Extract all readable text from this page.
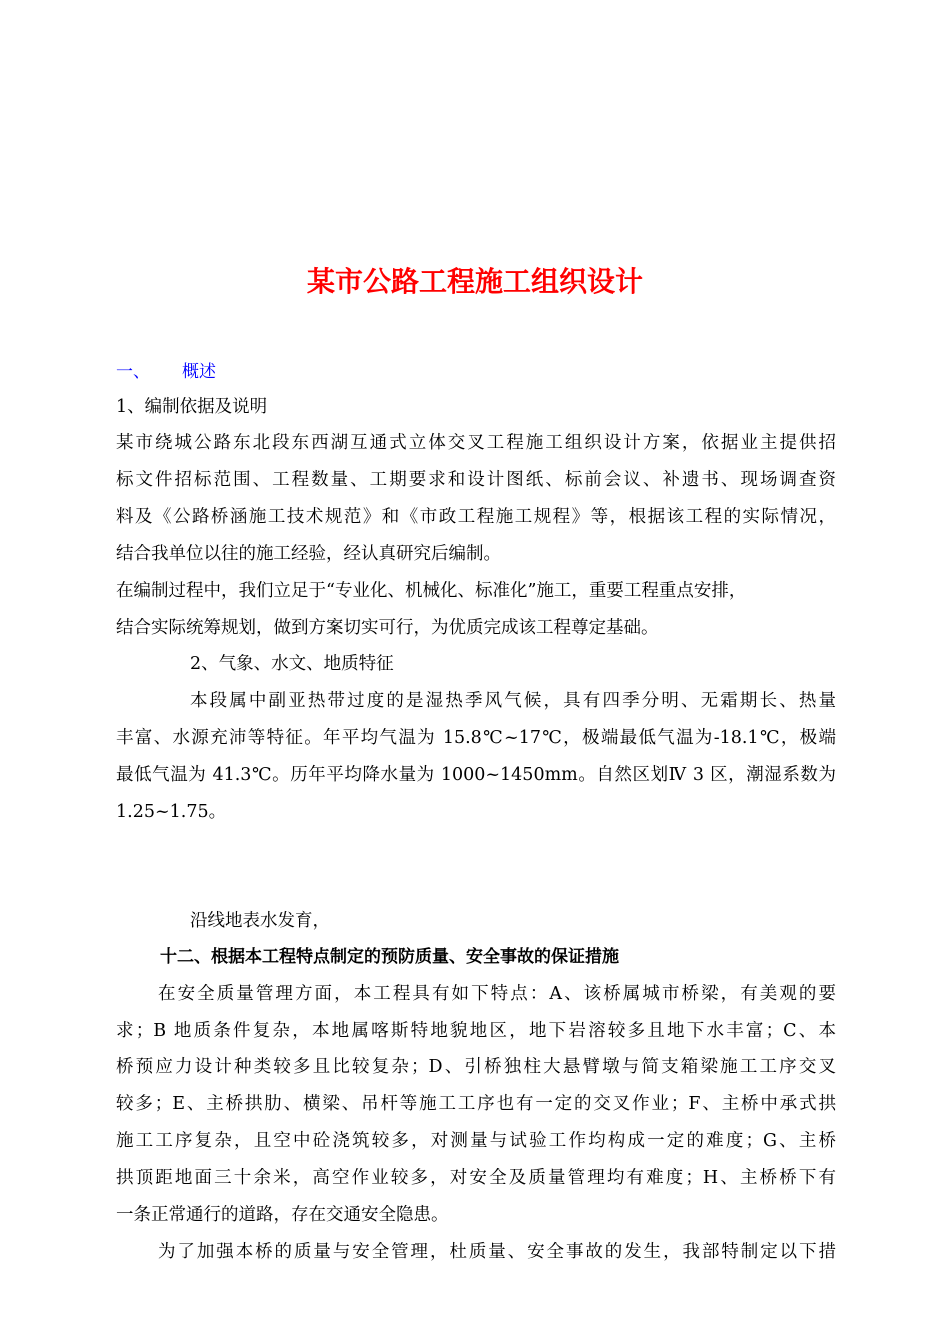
某市公路工程施工组织设计
一、 概述
1、编制依据及说明
某市绕城公路东北段东西湖互通式立体交叉工程施工组织设计方案，依据业主提供招
标文件招标范围、工程数量、工期要求和设计图纸、标前会议、补遗书、现场调查资
料及《公路桥涵施工技术规范》和《市政工程施工规程》等，根据该工程的实际情况，
结合我单位以往的施工经验，经认真研究后编制。
在编制过程中，我们立足于“专业化、机械化、标准化”施工，重要工程重点安排，
结合实际统筹规划，做到方案切实可行，为优质完成该工程尊定基础。
2、气象、水文、地质特征
本段属中副亚热带过度的是湿热季风气候，具有四季分明、无霜期长、热量
丰富、水源充沛等特征。年平均气温为 15.8℃~17℃，极端最低气温为-18.1℃，极端
最低气温为 41.3℃。历年平均降水量为 1000~1450mm。自然区划Ⅳ 3 区，潮湿系数为
1.25~1.75。
沿线地表水发育，
十二、根据本工程特点制定的预防质量、安全事故的保证措施
在安全质量管理方面，本工程具有如下特点：A、该桥属城市桥梁，有美观的要
求；B 地质条件复杂，本地属喀斯特地貌地区，地下岩溶较多且地下水丰富；C、本
桥预应力设计种类较多且比较复杂；D、引桥独柱大悬臂墩与简支箱梁施工工序交叉
较多；E、主桥拱肋、横梁、吊杆等施工工序也有一定的交叉作业；F、主桥中承式拱
施工工序复杂，且空中砼浇筑较多，对测量与试验工作均构成一定的难度；G、主桥
拱顶距地面三十余米，高空作业较多，对安全及质量管理均有难度；H、主桥桥下有
一条正常通行的道路，存在交通安全隐患。
为了加强本桥的质量与安全管理，杜质量、安全事故的发生，我部特制定以下措
